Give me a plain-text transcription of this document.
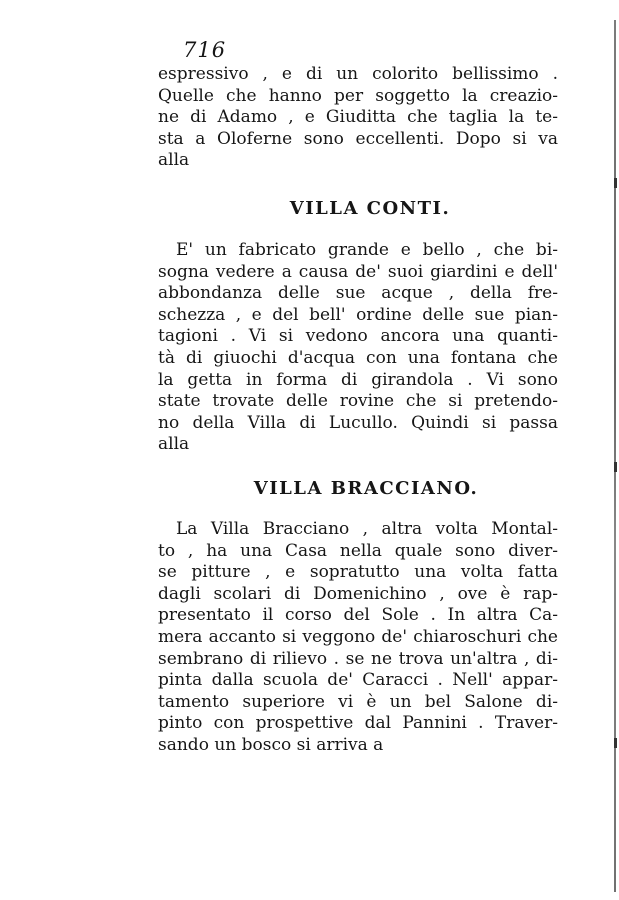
716
espressivo , e di un colorito bellissimo .
Quelle che hanno per soggetto la creazio-
ne di Adamo , e Giuditta che taglia la te-
sta a Oloferne sono eccellenti. Dopo si va
alla
VILLA CONTI.
E' un fabricato grande e bello , che bi-
sogna vedere a causa de' suoi giardini e dell'
abbondanza delle sue acque , della fre-
schezza , e del bell' ordine delle sue pian-
tagioni . Vi si vedono ancora una quanti-
tà di giuochi d'acqua con una fontana che
la getta in forma di girandola . Vi sono
state trovate delle rovine che si pretendo-
no della Villa di Lucullo. Quindi si passa
alla
VILLA BRACCIANO.
La Villa Bracciano , altra volta Montal-
to , ha una Casa nella quale sono diver-
se pitture , e sopratutto una volta fatta
dagli scolari di Domenichino , ove è rap-
presentato il corso del Sole . In altra Ca-
mera accanto si veggono de' chiaroschuri che
sembrano di rilievo . se ne trova un'altra , di-
pinta dalla scuola de' Caracci . Nell' appar-
tamento superiore vi è un bel Salone di-
pinto con prospettive dal Pannini . Traver-
sando un bosco si arriva a
